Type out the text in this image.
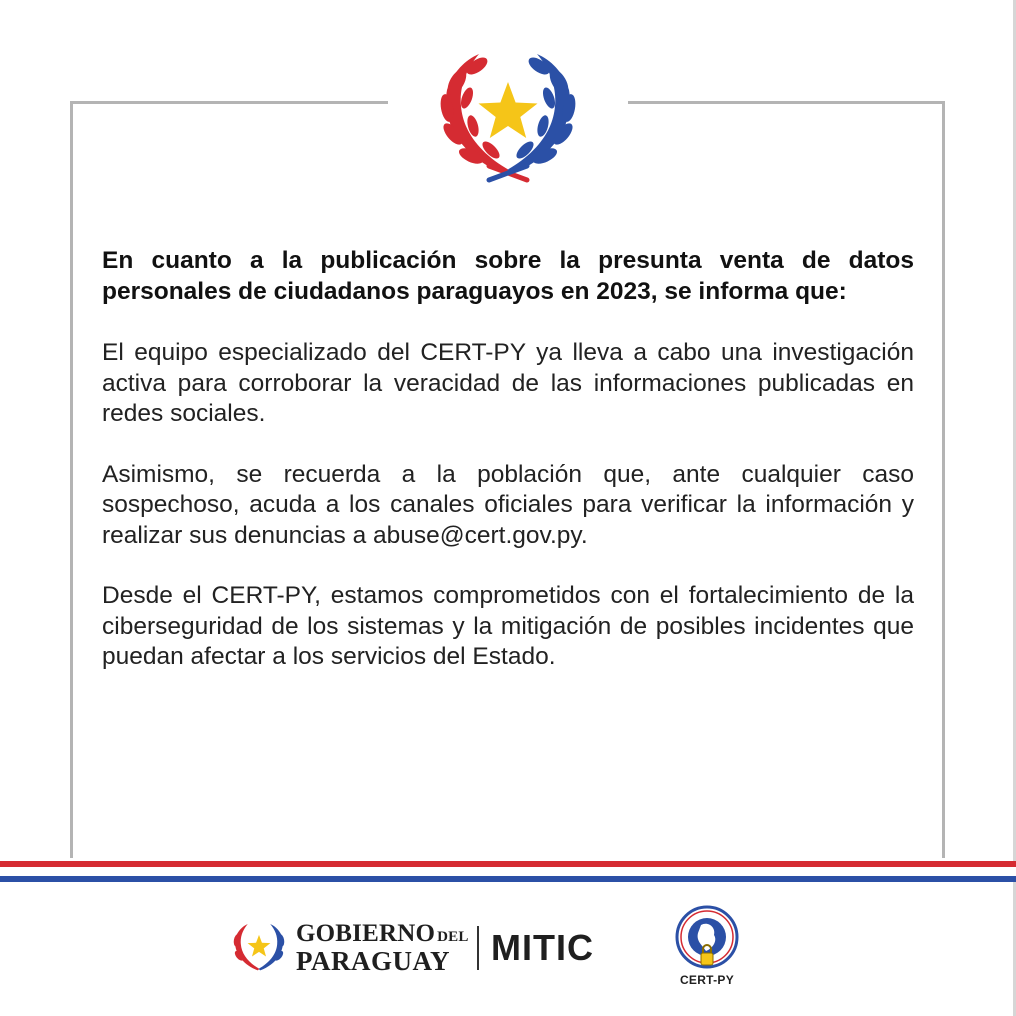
En cuanto a la publicación sobre la presunta venta de datos personales de ciudadanos paraguayos en 2023, se informa que:

El equipo especializado del CERT-PY ya lleva a cabo una investigación activa para corroborar la veracidad de las informaciones publicadas en redes sociales.

Asimismo, se recuerda a la población que, ante cualquier caso sospechoso, acuda a los canales oficiales para verificar la información y realizar sus denuncias a abuse@cert.gov.py.

Desde el CERT-PY, estamos comprometidos con el fortalecimiento de la ciberseguridad de los sistemas y la mitigación de posibles incidentes que puedan afectar a los servicios del Estado.

GOBIERNO DEL
PARAGUAY	MITIC
CERT-PY
